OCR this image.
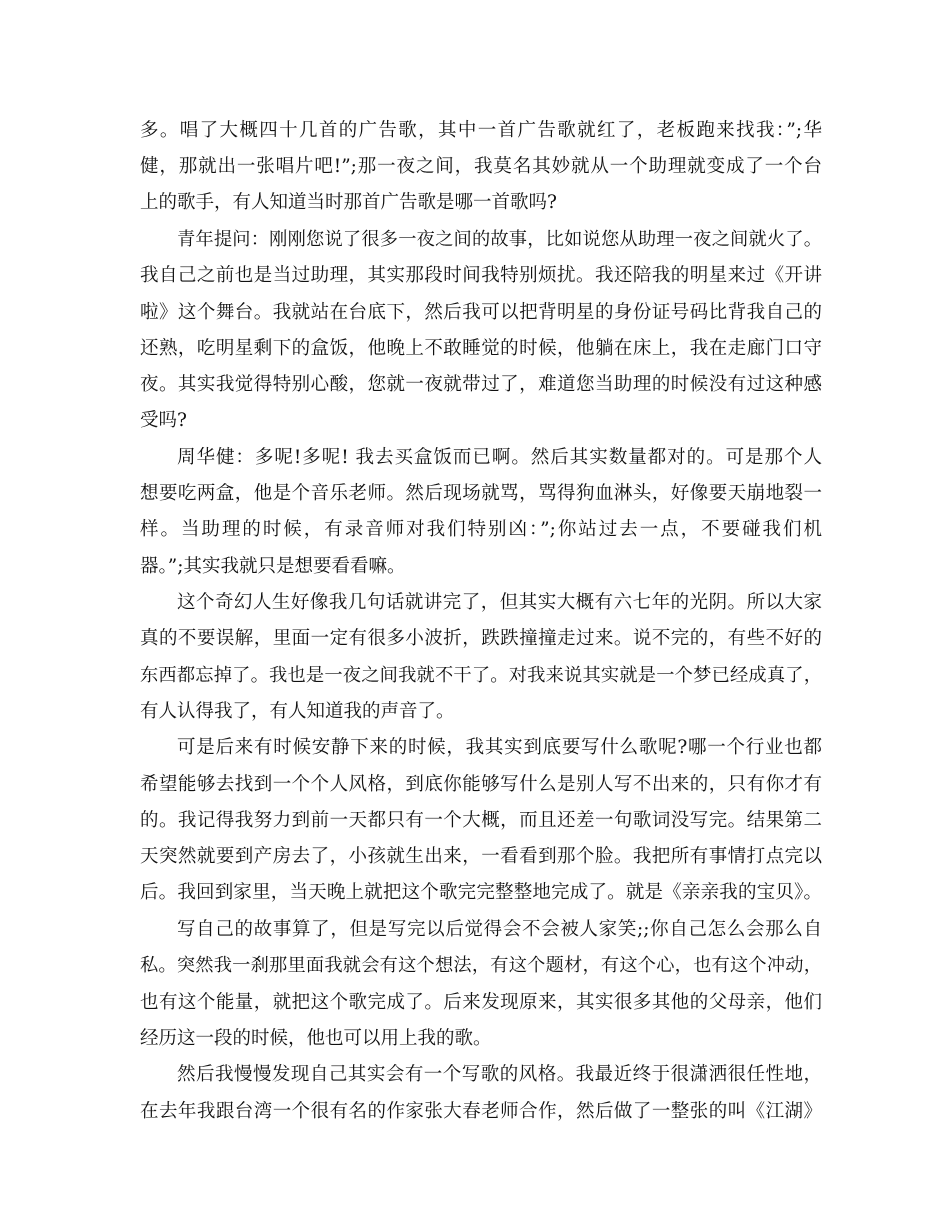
多。唱了大概四十几首的广告歌，其中一首广告歌就红了，老板跑来找我：”;华
健，那就出一张唱片吧!”;那一夜之间，我莫名其妙就从一个助理就变成了一个台
上的歌手，有人知道当时那首广告歌是哪一首歌吗?
青年提问：刚刚您说了很多一夜之间的故事，比如说您从助理一夜之间就火了。
我自己之前也是当过助理，其实那段时间我特别烦扰。我还陪我的明星来过《开讲
啦》这个舞台。我就站在台底下，然后我可以把背明星的身份证号码比背我自己的
还熟，吃明星剩下的盒饭，他晚上不敢睡觉的时候，他躺在床上，我在走廊门口守
夜。其实我觉得特别心酸，您就一夜就带过了，难道您当助理的时候没有过这种感
受吗?
周华健：多呢!多呢! 我去买盒饭而已啊。然后其实数量都对的。可是那个人
想要吃两盒，他是个音乐老师。然后现场就骂，骂得狗血淋头，好像要天崩地裂一
样。当助理的时候，有录音师对我们特别凶：”;你站过去一点，不要碰我们机
器。”;其实我就只是想要看看嘛。
这个奇幻人生好像我几句话就讲完了，但其实大概有六七年的光阴。所以大家
真的不要误解，里面一定有很多小波折，跌跌撞撞走过来。说不完的，有些不好的
东西都忘掉了。我也是一夜之间我就不干了。对我来说其实就是一个梦已经成真了，
有人认得我了，有人知道我的声音了。
可是后来有时候安静下来的时候，我其实到底要写什么歌呢?哪一个行业也都
希望能够去找到一个个人风格，到底你能够写什么是别人写不出来的，只有你才有
的。我记得我努力到前一天都只有一个大概，而且还差一句歌词没写完。结果第二
天突然就要到产房去了，小孩就生出来，一看看到那个脸。我把所有事情打点完以
后。我回到家里，当天晚上就把这个歌完完整整地完成了。就是《亲亲我的宝贝》。
写自己的故事算了，但是写完以后觉得会不会被人家笑;;你自己怎么会那么自
私。突然我一刹那里面我就会有这个想法，有这个题材，有这个心，也有这个冲动，
也有这个能量，就把这个歌完成了。后来发现原来，其实很多其他的父母亲，他们
经历这一段的时候，他也可以用上我的歌。
然后我慢慢发现自己其实会有一个写歌的风格。我最近终于很潇洒很任性地，
在去年我跟台湾一个很有名的作家张大春老师合作，然后做了一整张的叫《江湖》
